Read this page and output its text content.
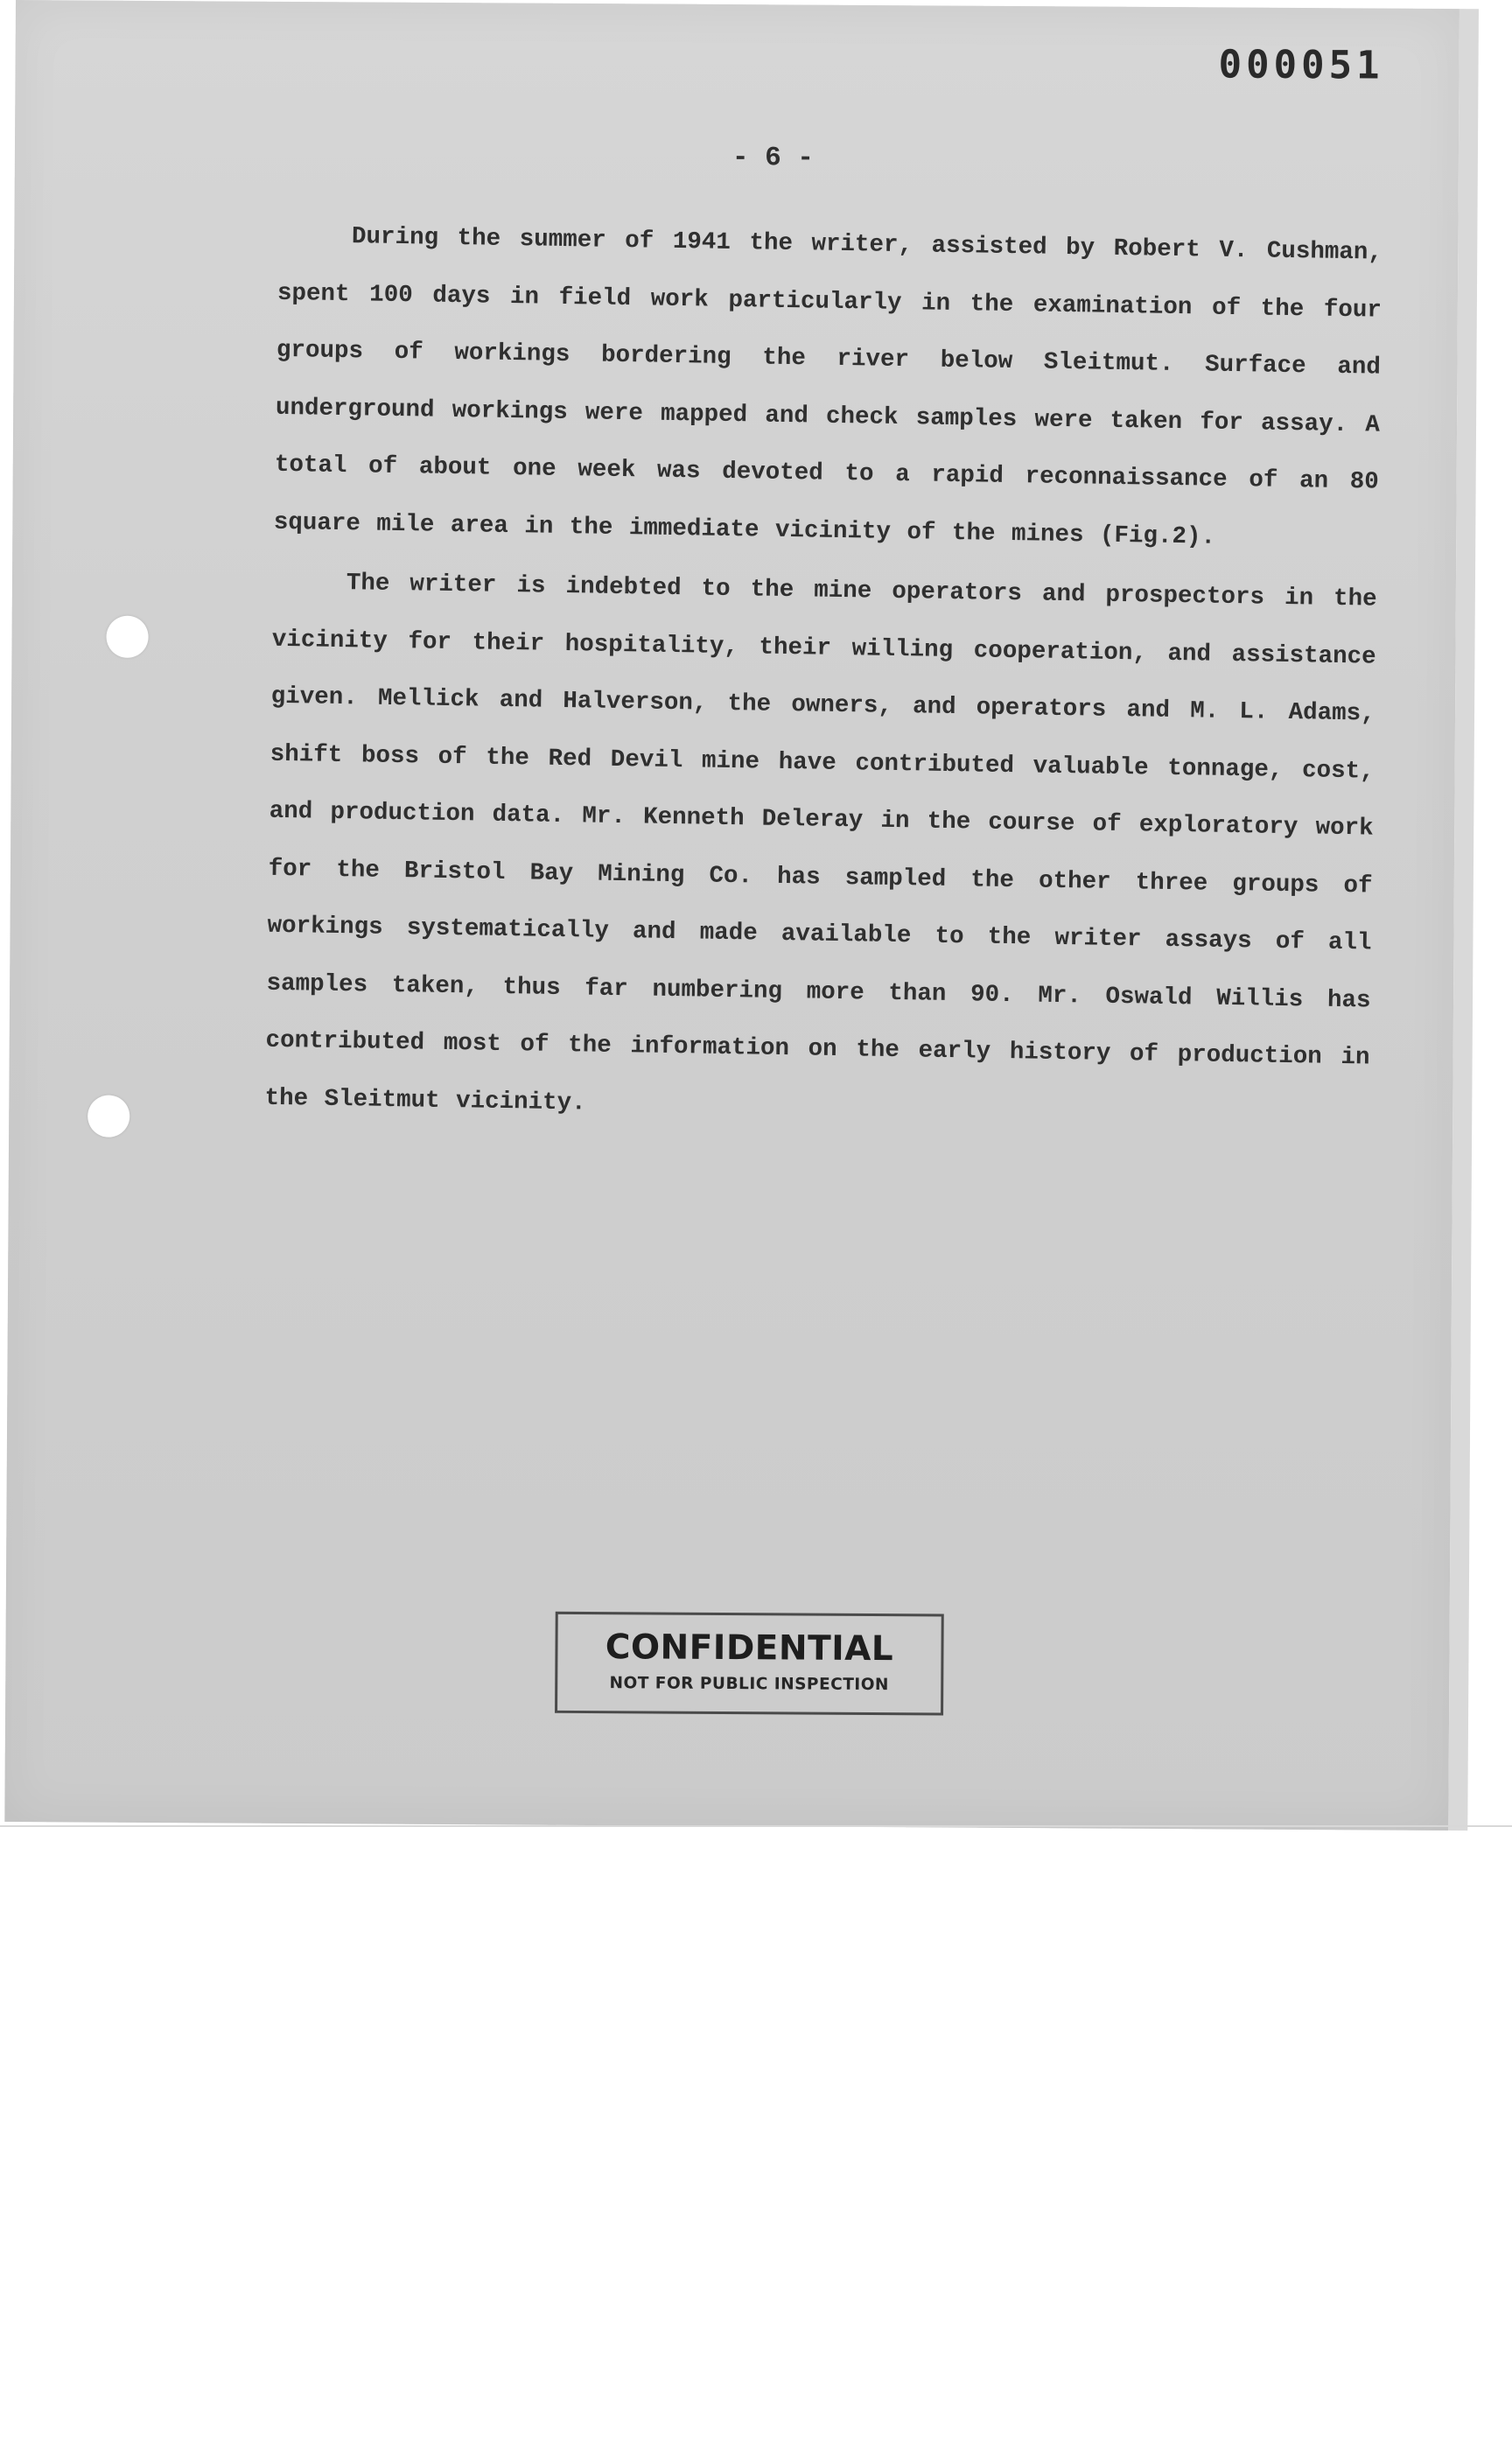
000051
- 6 -

During the summer of 1941 the writer, assisted by Robert V. Cushman, spent 100 days in field work particularly in the examination of the four groups of workings bordering the river below Sleitmut. Surface and underground workings were mapped and check samples were taken for assay. A total of about one week was devoted to a rapid reconnaissance of an 80 square mile area in the immediate vicinity of the mines (Fig.2).

The writer is indebted to the mine operators and prospectors in the vicinity for their hospitality, their willing cooperation, and assistance given. Mellick and Halverson, the owners, and operators and M. L. Adams, shift boss of the Red Devil mine have contributed valuable tonnage, cost, and production data. Mr. Kenneth Deleray in the course of exploratory work for the Bristol Bay Mining Co. has sampled the other three groups of workings systematically and made available to the writer assays of all samples taken, thus far numbering more than 90. Mr. Oswald Willis has contributed most of the information on the early history of production in the Sleitmut vicinity.

CONFIDENTIAL
NOT FOR PUBLIC INSPECTION
